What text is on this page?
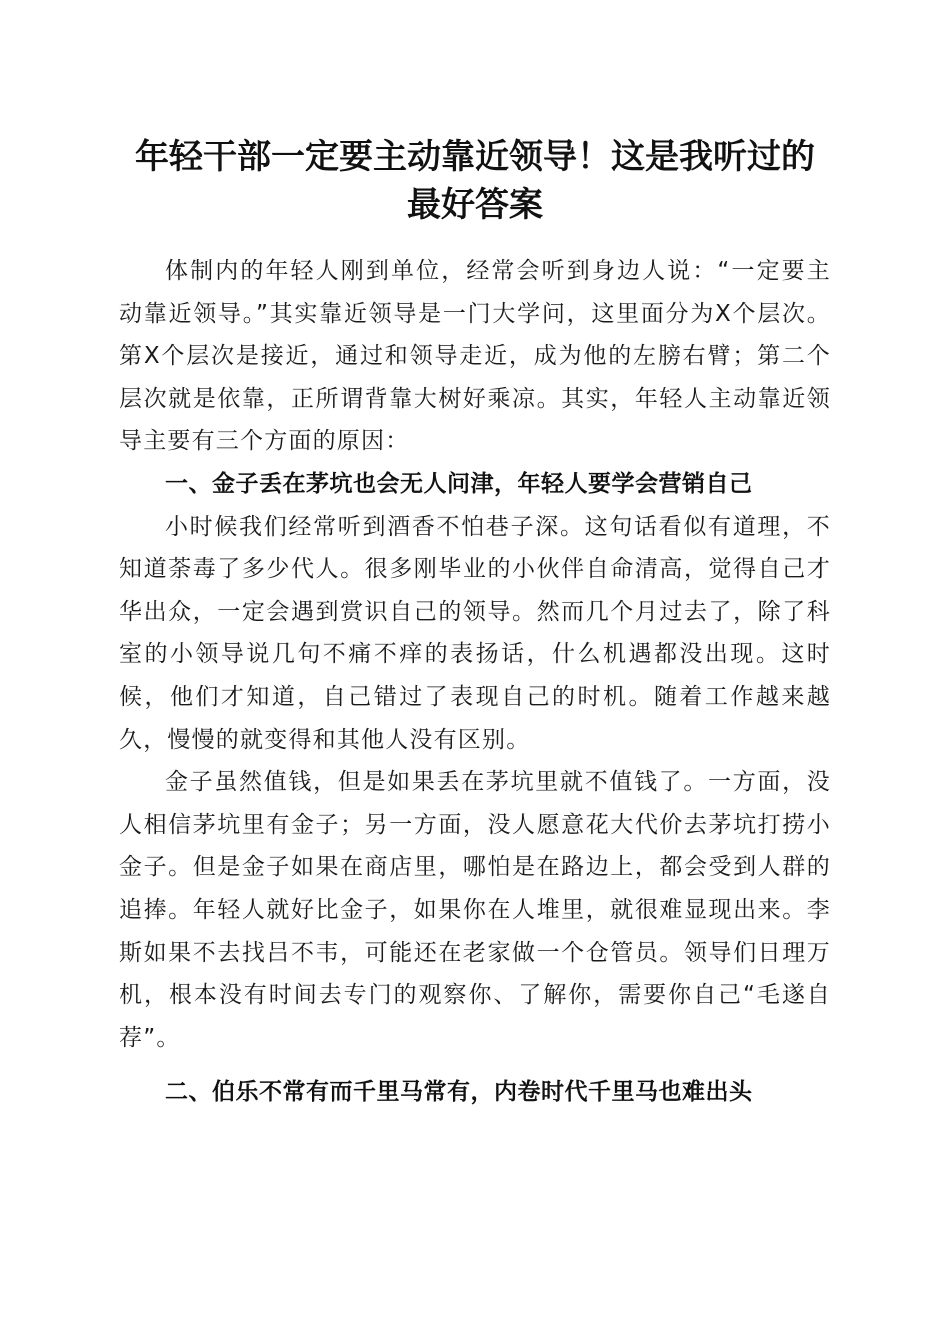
年轻干部一定要主动靠近领导！这是我听过的
最好答案

体制内的年轻人刚到单位，经常会听到身边人说：“一定要主动靠近领导。”其实靠近领导是一门大学问，这里面分为X个层次。第X个层次是接近，通过和领导走近，成为他的左膀右臂；第二个层次就是依靠，正所谓背靠大树好乘凉。其实，年轻人主动靠近领导主要有三个方面的原因：

一、金子丢在茅坑也会无人问津，年轻人要学会营销自己

小时候我们经常听到酒香不怕巷子深。这句话看似有道理，不知道荼毒了多少代人。很多刚毕业的小伙伴自命清高，觉得自己才华出众，一定会遇到赏识自己的领导。然而几个月过去了，除了科室的小领导说几句不痛不痒的表扬话，什么机遇都没出现。这时候，他们才知道，自己错过了表现自己的时机。随着工作越来越久，慢慢的就变得和其他人没有区别。

金子虽然值钱，但是如果丢在茅坑里就不值钱了。一方面，没人相信茅坑里有金子；另一方面，没人愿意花大代价去茅坑打捞小金子。但是金子如果在商店里，哪怕是在路边上，都会受到人群的追捧。年轻人就好比金子，如果你在人堆里，就很难显现出来。李斯如果不去找吕不韦，可能还在老家做一个仓管员。领导们日理万机，根本没有时间去专门的观察你、了解你，需要你自己“毛遂自荐”。

二、伯乐不常有而千里马常有，内卷时代千里马也难出头
